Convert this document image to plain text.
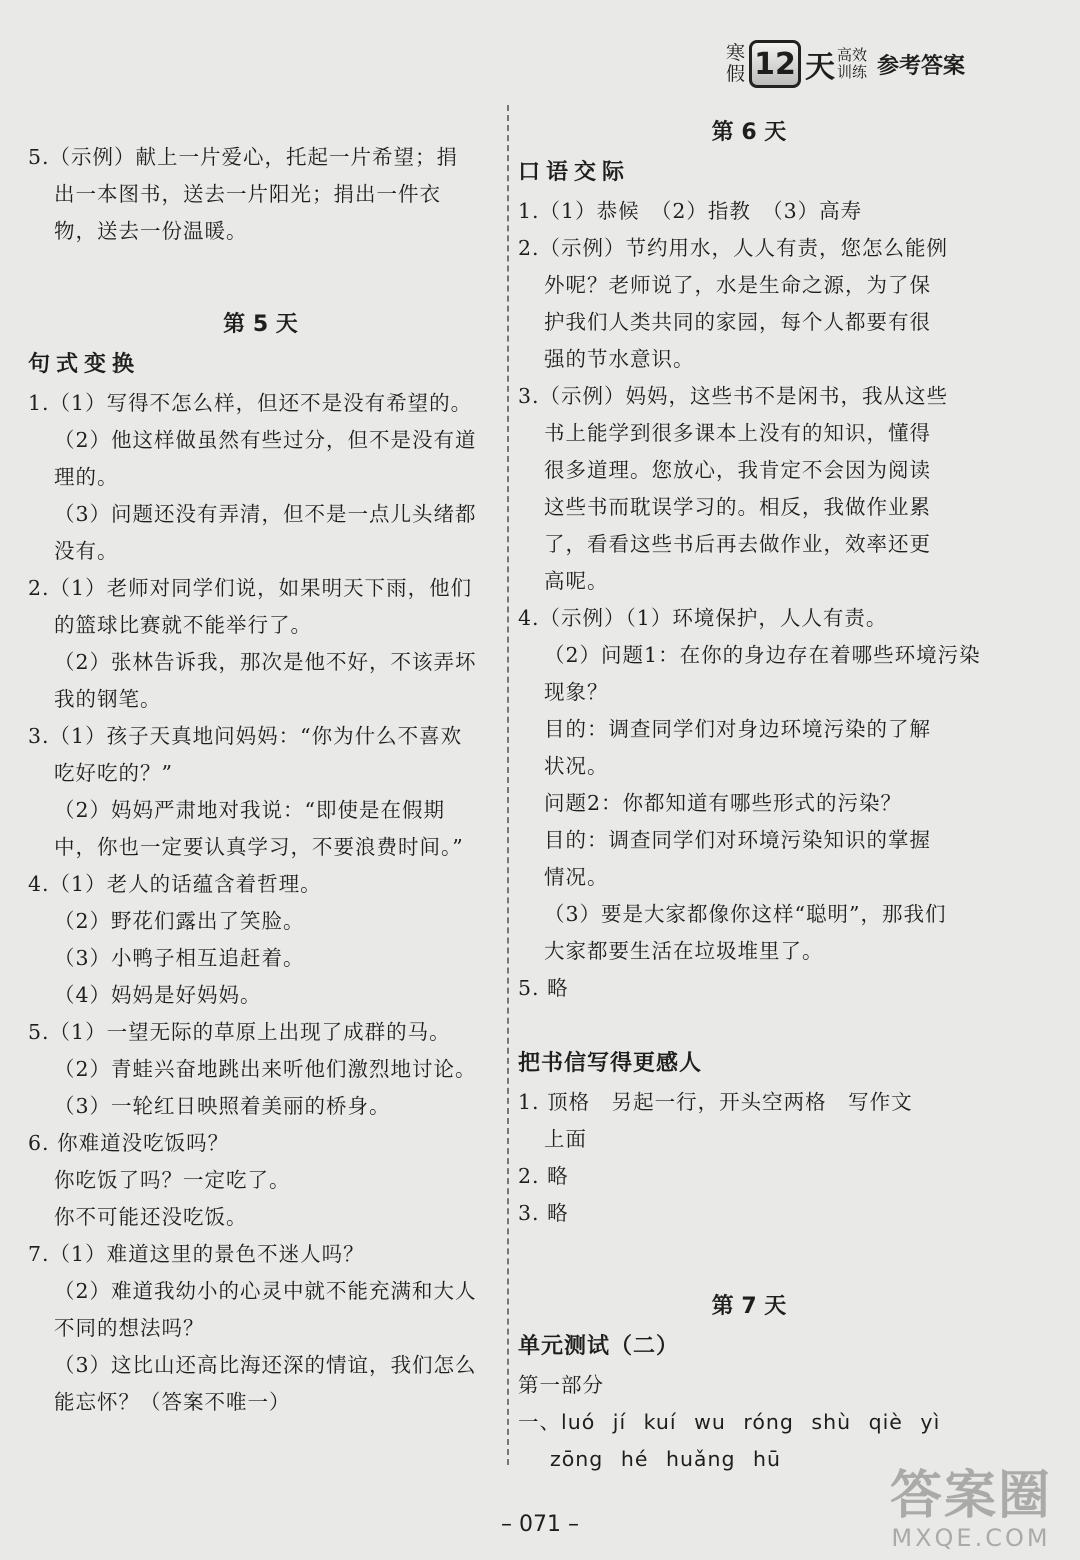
寒
假 12 天 高效
训练 参考答案
5.（示例）献上一片爱心，托起一片希望；捐
出一本图书，送去一片阳光；捐出一件衣
物，送去一份温暖。
第 5 天
句式变换
1.（1）写得不怎么样，但还不是没有希望的。
（2）他这样做虽然有些过分，但不是没有道
理的。
（3）问题还没有弄清，但不是一点儿头绪都
没有。
2.（1）老师对同学们说，如果明天下雨，他们
的篮球比赛就不能举行了。
（2）张林告诉我，那次是他不好，不该弄坏
我的钢笔。
3.（1）孩子天真地问妈妈：“你为什么不喜欢
吃好吃的？”
（2）妈妈严肃地对我说：“即使是在假期
中，你也一定要认真学习，不要浪费时间。”
4.（1）老人的话蕴含着哲理。
（2）野花们露出了笑脸。
（3）小鸭子相互追赶着。
（4）妈妈是好妈妈。
5.（1）一望无际的草原上出现了成群的马。
（2）青蛙兴奋地跳出来听他们激烈地讨论。
（3）一轮红日映照着美丽的桥身。
6. 你难道没吃饭吗？
你吃饭了吗？一定吃了。
你不可能还没吃饭。
7.（1）难道这里的景色不迷人吗？
（2）难道我幼小的心灵中就不能充满和大人
不同的想法吗？
（3）这比山还高比海还深的情谊，我们怎么
能忘怀？（答案不唯一）
第 6 天
口语交际
1.（1）恭候　（2）指教　（3）高寿
2.（示例）节约用水，人人有责，您怎么能例
外呢？老师说了，水是生命之源，为了保
护我们人类共同的家园，每个人都要有很
强的节水意识。
3.（示例）妈妈，这些书不是闲书，我从这些
书上能学到很多课本上没有的知识，懂得
很多道理。您放心，我肯定不会因为阅读
这些书而耽误学习的。相反，我做作业累
了，看看这些书后再去做作业，效率还更
高呢。
4.（示例）（1）环境保护，人人有责。
（2）问题1：在你的身边存在着哪些环境污染
现象？
目的：调查同学们对身边环境污染的了解
状况。
问题2：你都知道有哪些形式的污染？
目的：调查同学们对环境污染知识的掌握
情况。
（3）要是大家都像你这样“聪明”，那我们
大家都要生活在垃圾堆里了。
5. 略
把书信写得更感人
1. 顶格　另起一行，开头空两格　写作文
上面
2. 略
3. 略
第 7 天
单元测试（二）
第一部分
一、luó jí kuí wu róng shù qiè yì
zōng hé huǎng hū
– 071 –	答案圈
MXQE.COM
